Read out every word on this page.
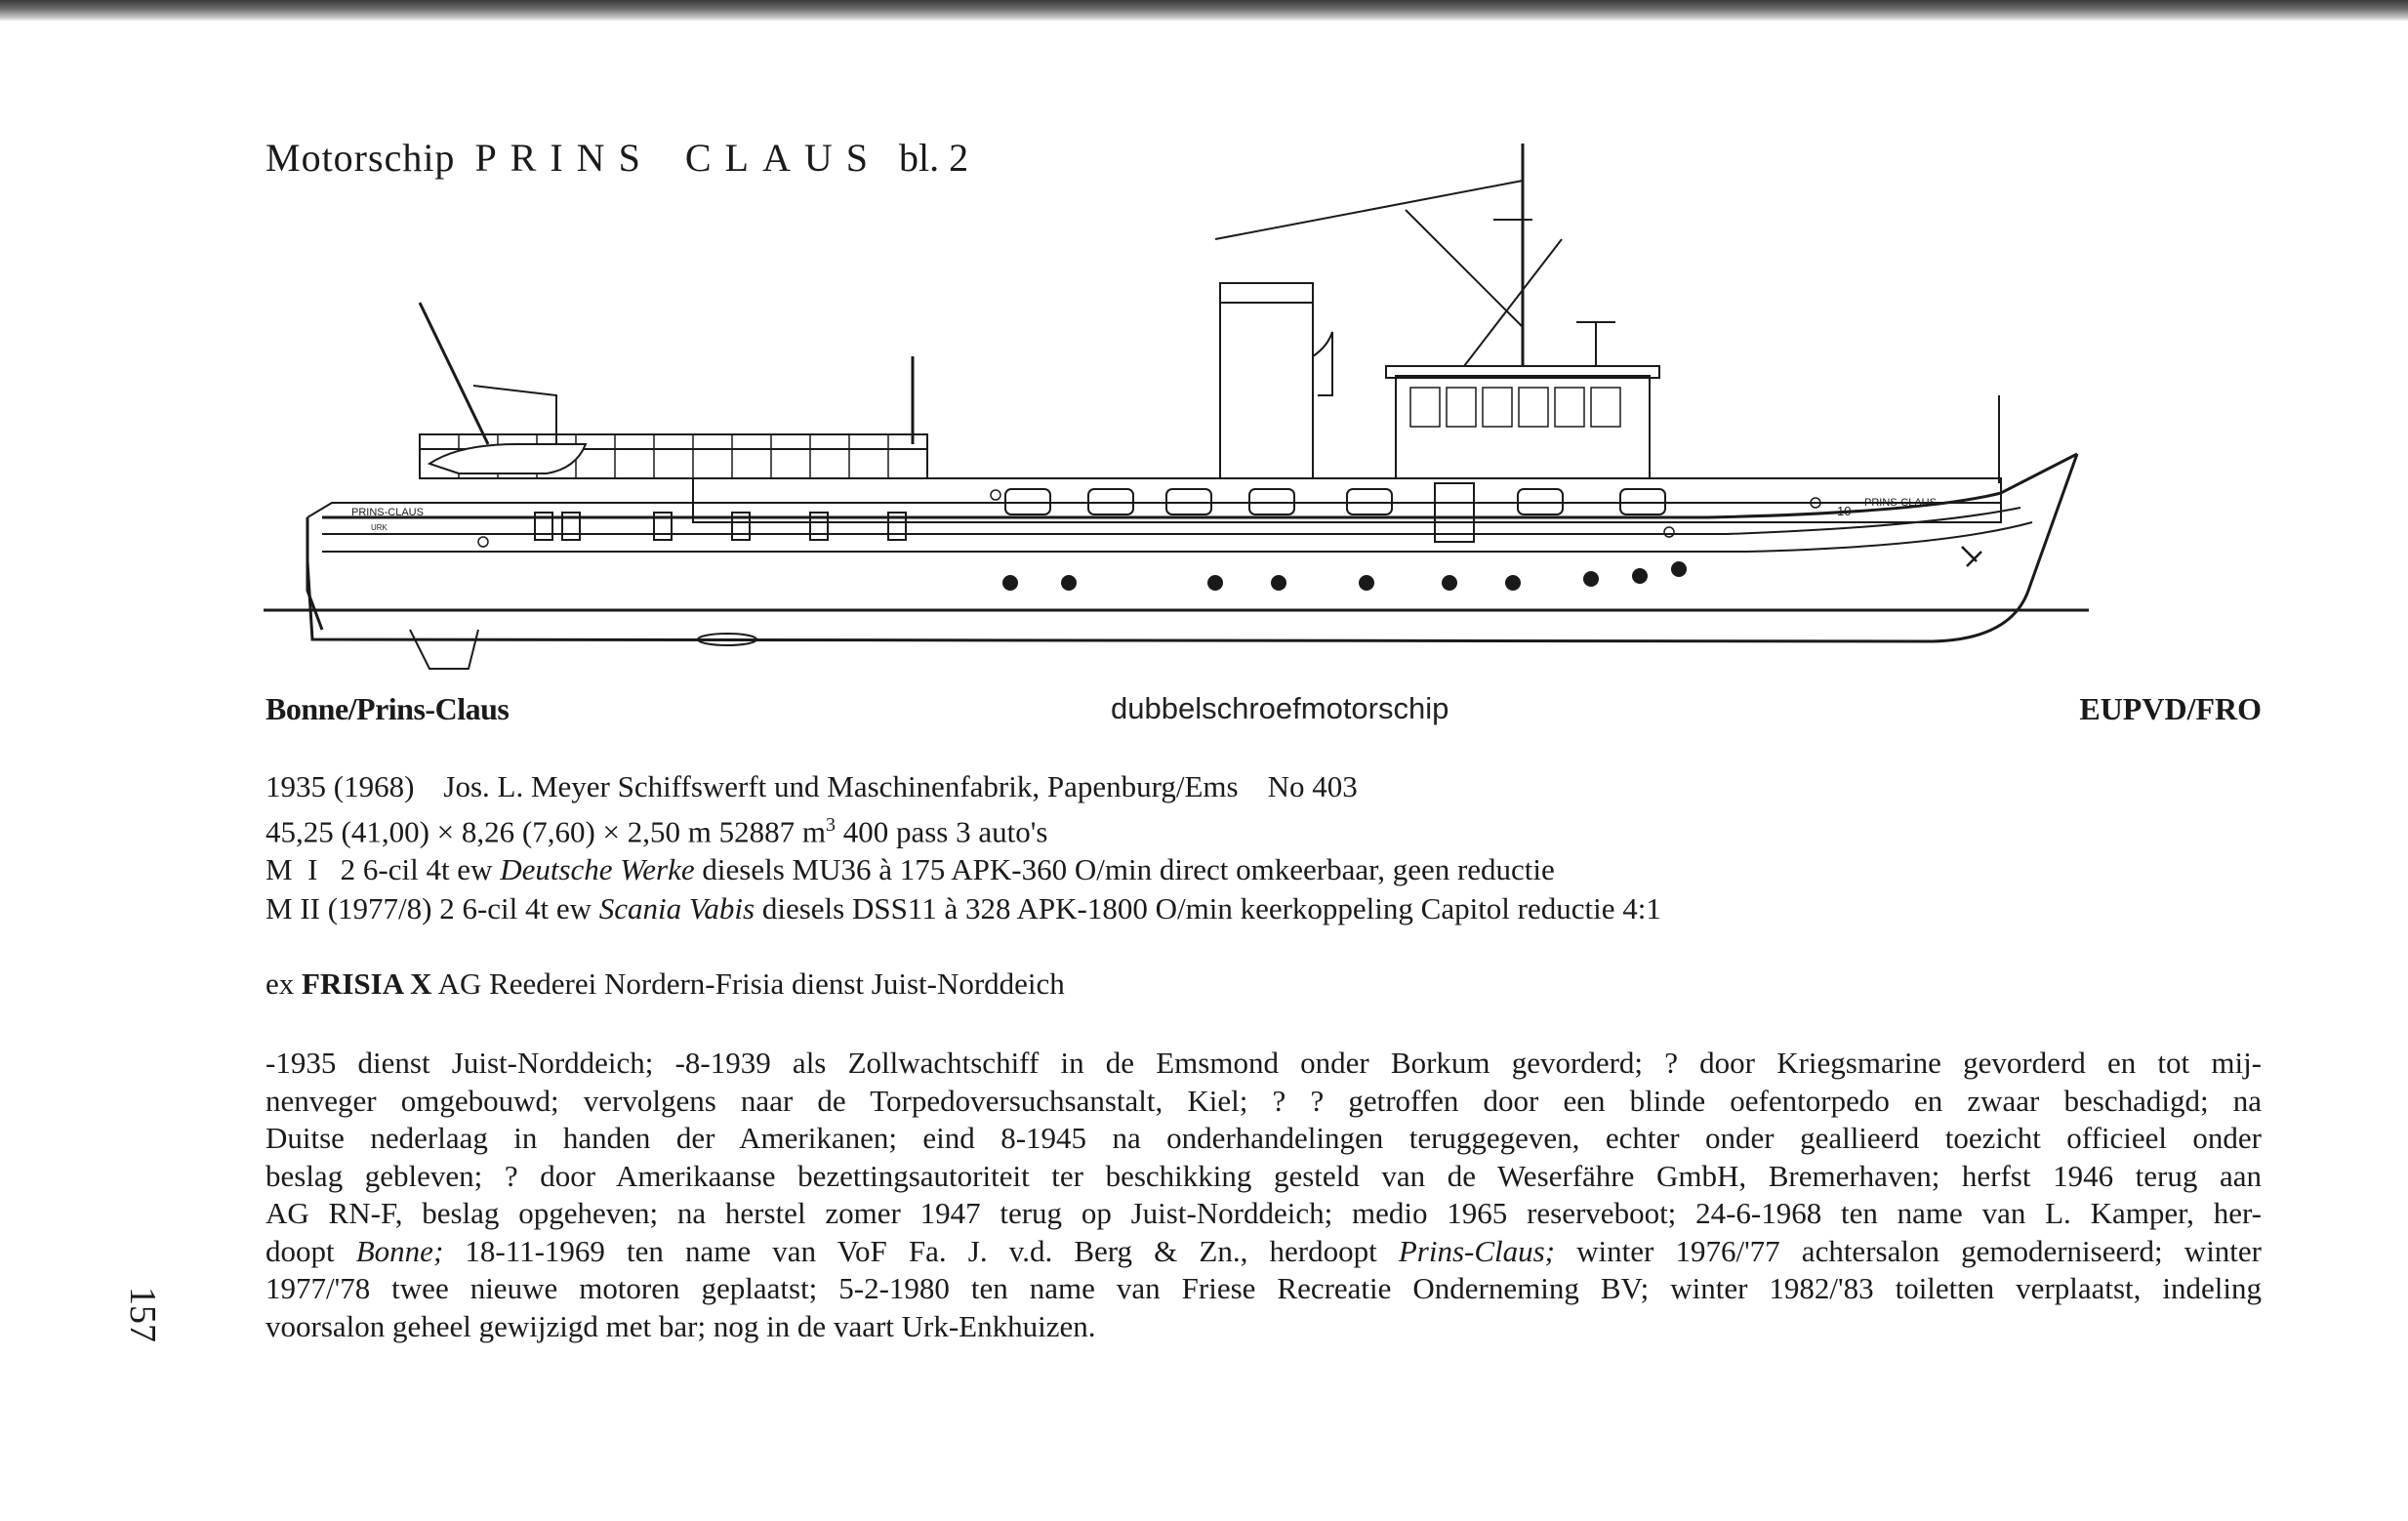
Motorschip PRINS CLAUS bl. 2
PRINS-CLAUS
URK
10
PRINS-CLAUS
Bonne/Prins-Claus	dubbelschroefmotorschip	EUPVD/FRO
1935 (1968) Jos. L. Meyer Schiffswerft und Maschinenfabrik, Papenburg/Ems No 403
45,25 (41,00) × 8,26 (7,60) × 2,50 m 52887 $m^3$ 400 pass 3 auto's
M  I   2 6-cil 4t ew Deutsche Werke diesels MU36 à 175 APK-360 O/min direct omkeerbaar, geen reductie
M II (1977/8) 2 6-cil 4t ew Scania Vabis diesels DSS11 à 328 APK-1800 O/min keerkoppeling Capitol reductie 4:1
ex FRISIA X AG Reederei Nordern-Frisia dienst Juist-Norddeich
-1935 dienst Juist-Norddeich; -8-1939 als Zollwachtschiff in de Emsmond onder Borkum gevorderd; ? door Kriegsmarine gevorderd en tot mij-
nenveger omgebouwd; vervolgens naar de Torpedoversuchsanstalt, Kiel; ? ? getroffen door een blinde oefentorpedo en zwaar beschadigd; na
Duitse nederlaag in handen der Amerikanen; eind 8-1945 na onderhandelingen teruggegeven, echter onder geallieerd toezicht officieel onder
beslag gebleven; ? door Amerikaanse bezettingsautoriteit ter beschikking gesteld van de Weserfähre GmbH, Bremerhaven; herfst 1946 terug aan
AG RN-F, beslag opgeheven; na herstel zomer 1947 terug op Juist-Norddeich; medio 1965 reserveboot; 24-6-1968 ten name van L. Kamper, her-
doopt Bonne; 18-11-1969 ten name van VoF Fa. J. v.d. Berg & Zn., herdoopt Prins-Claus; winter 1976/'77 achtersalon gemoderniseerd; winter
1977/'78 twee nieuwe motoren geplaatst; 5-2-1980 ten name van Friese Recreatie Onderneming BV; winter 1982/'83 toiletten verplaatst, indeling
voorsalon geheel gewijzigd met bar; nog in de vaart Urk-Enkhuizen.
157
